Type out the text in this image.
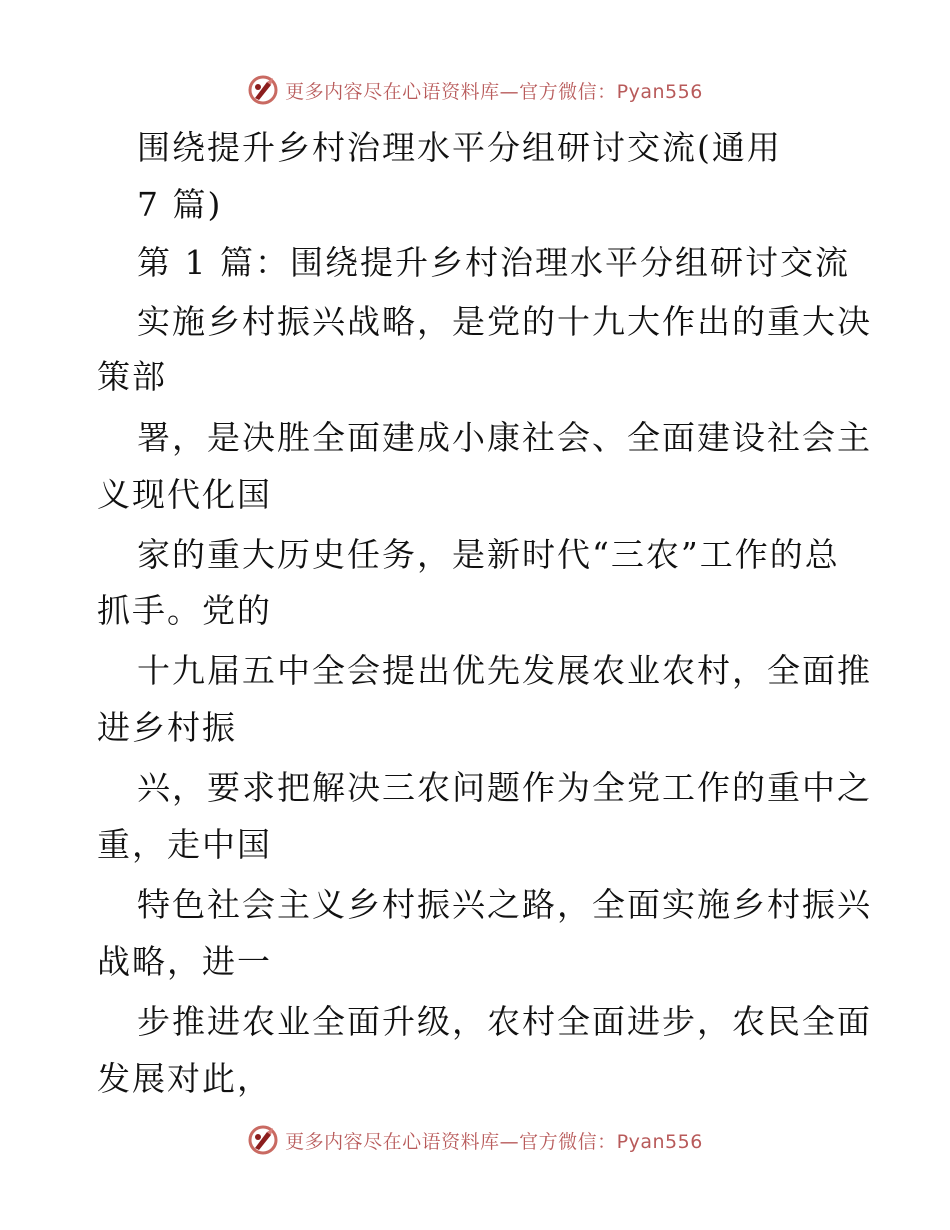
更多内容尽在心语资料库—官方微信：Pyan556
围绕提升乡村治理水平分组研讨交流(通用
7 篇)
第 1 篇：围绕提升乡村治理水平分组研讨交流
实施乡村振兴战略，是党的十九大作出的重大决
策部
署，是决胜全面建成小康社会、全面建设社会主
义现代化国
家的重大历史任务，是新时代“三农”工作的总
抓手。党的
十九届五中全会提出优先发展农业农村，全面推
进乡村振
兴，要求把解决三农问题作为全党工作的重中之
重，走中国
特色社会主义乡村振兴之路，全面实施乡村振兴
战略，进一
步推进农业全面升级，农村全面进步，农民全面
发展对此，
更多内容尽在心语资料库—官方微信：Pyan556
